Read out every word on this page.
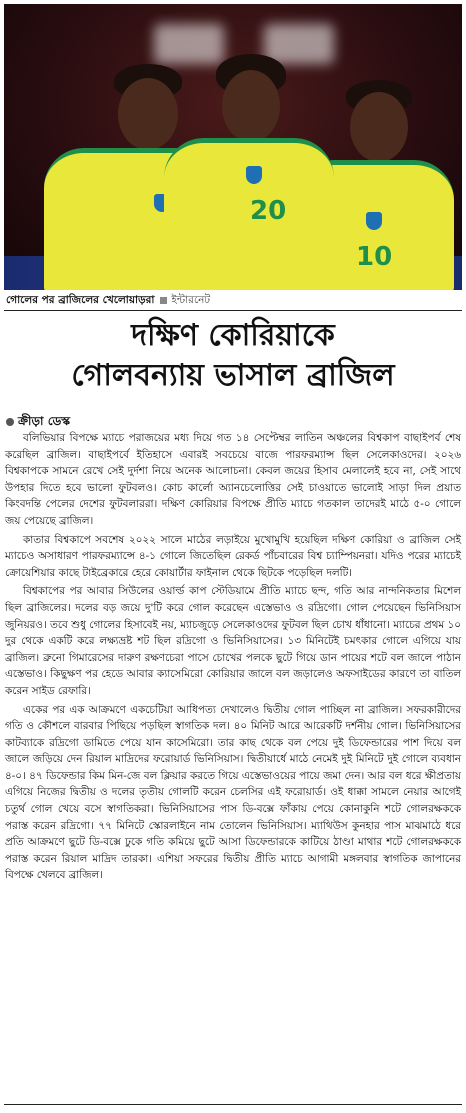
10
20
গোলের পর ব্রাজিলের খেলোয়াড়রা ইন্টারনেট
দক্ষিণ কোরিয়াকে
গোলবন্যায় ভাসাল ব্রাজিল
ক্রীড়া ডেস্ক

বলিভিয়ার বিপক্ষে ম্যাচে পরাজয়ের মধ্য দিয়ে গত ১৪ সেপ্টেম্বর লাতিন অঞ্চলের বিশ্বকাপ বাছাইপর্ব শেষ করেছিল ব্রাজিল। বাছাইপর্বে ইতিহাসে এবারই সবচেয়ে বাজে পারফরম্যান্স ছিল সেলেকাওদের। ২০২৬ বিশ্বকাপকে সামনে রেখে সেই দুর্দশা নিয়ে অনেক আলোচনা। কেবল জয়ের হিসাব মেলালেই হবে না, সেই সাথে উপহার দিতে হবে ভালো ফুটবলও। কোচ কার্লো অ্যানচেলোত্তির সেই চাওয়াতে ভালোই সাড়া দিল প্রয়াত কিংবদন্তি পেলের দেশের ফুটবলাররা। দক্ষিণ কোরিয়ার বিপক্ষে প্রীতি ম্যাচে গতকাল তাদেরই মাঠে ৫-০ গোলে জয় পেয়েছে ব্রাজিল।

কাতার বিশ্বকাপে সবশেষ ২০২২ সালে মাঠের লড়াইয়ে মুখোমুখি হয়েছিল দক্ষিণ কোরিয়া ও ব্রাজিল সেই ম্যাচেও অসাধারণ পারফরম্যান্সে ৪-১ গোলে জিতেছিল রেকর্ড পাঁচবারের বিশ্ব চ্যাম্পিয়নরা। যদিও পরের ম্যাচেই ক্রোয়েশিয়ার কাছে টাইব্রেকারে হেরে কোয়ার্টার ফাইনাল থেকে ছিটকে পড়েছিল দলটি।

বিশ্বকাপের পর আবার সিউলের ওয়ার্ল্ড কাপ স্টেডিয়ামে প্রীতি ম্যাচে ছন্দ, গতি আর নান্দনিকতার মিশেল ছিল ব্রাজিলের। দলের বড় জয়ে দু'টি করে গোল করেছেন এস্তেভাও ও রদ্রিগো। গোল পেয়েছেন ভিনিসিয়াস জুনিয়রও। তবে শুধু গোলের হিসাবেই নয়, ম্যাচজুড়ে সেলেকাওদের ফুটবল ছিল চোখ ধাঁধানো। ম্যাচের প্রথম ১০ দুর থেকে একটি করে লক্ষ্যভ্রষ্ট শট ছিল রদ্রিগো ও ভিনিসিয়াসের। ১৩ মিনিটেই চমৎকার গোলে এগিয়ে যায় ব্রাজিল। ব্রুনো গিমারেসের দারুণ রক্ষণচেরা পাসে চোখের পলকে ছুটে গিয়ে ডান পায়ের শটে বল জালে পাঠান এস্তেভাও। কিছুক্ষণ পর হেডে আবার ক্যাসেমিরো কোরিয়ার জালে বল জড়ালেও অফসাইডের কারণে তা বাতিল করেন সাইড রেফারি।

একের পর এক আক্রমণে একচেটিয়া আধিপত্য দেখালেও দ্বিতীয় গোল পাচ্ছিল না ব্রাজিল। সফরকারীদের গতি ও কৌশলে বারবার পিছিয়ে পড়ছিল স্বাগতিক দল। ৪০ মিনিট আরে আরেকটি দর্শনীয় গোল। ভিনিসিয়াসের কাটব্যাকে রদ্রিগো ডামিতে পেয়ে যান কাসেমিরো। তার কাছ থেকে বল পেয়ে দুই ডিফেন্ডারের পাশ দিয়ে বল জালে জড়িয়ে দেন রিয়াল মাদ্রিদের ফরোয়ার্ড ভিনিসিয়াস। দ্বিতীয়ার্ধে মাঠে নেমেই দুই মিনিটে দুই গোলে ব্যবধান ৪-০। ৪৭ ডিফেন্ডার কিম মিন-জে বল ক্লিয়ার করতে গিয়ে এস্তেভাওয়ের পায়ে জমা দেন। আর বল ধরে ক্ষীপ্রতায় এগিয়ে নিজের দ্বিতীয় ও দলের তৃতীয় গোলটি করেন চেলসির এই ফরোয়ার্ড। ওই ধাক্কা সামলে নেয়ার আগেই চতুর্থ গোল খেয়ে বসে স্বাগতিকরা। ভিনিসিয়াসের পাস ডি-বক্সে ফাঁকায় পেয়ে কোনাকুনি শটে গোলরক্ষককে পরাস্ত করেন রদ্রিগো। ৭৭ মিনিটে স্কোরলাইনে নাম তোলেন ভিনিসিয়াস। ম্যাথিউস কুনহার পাস মাঝমাঠে ধরে প্রতি আক্রমণে ছুটে ডি-বক্সে ঢুকে গতি কমিয়ে ছুটে আসা ডিফেন্ডারকে কাটিয়ে ঠাণ্ডা মাথার শটে গোলরক্ষককে পরাস্ত করেন রিয়াল মাদ্রিদ তারকা। এশিয়া সফরের দ্বিতীয় প্রীতি ম্যাচে আগামী মঙ্গলবার স্বাগতিক জাপানের বিপক্ষে খেলবে ব্রাজিল।
